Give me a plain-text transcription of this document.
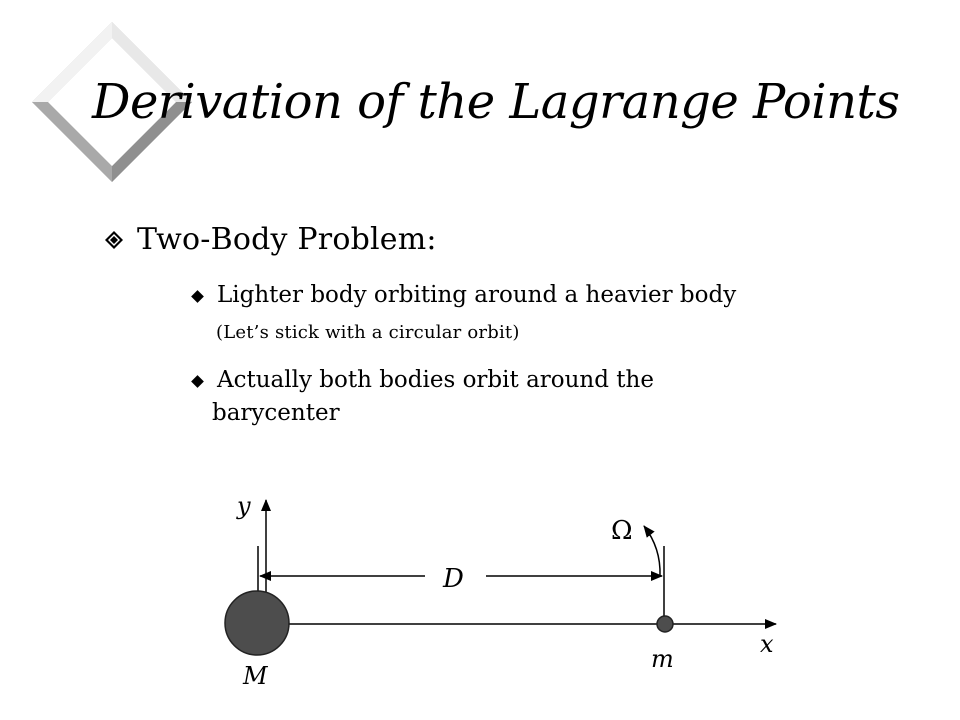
Derivation of the Lagrange Points
Two-Body Problem:
Lighter body orbiting around a heavier body
(Let’s stick with a circular orbit)
Actually both bodies orbit around the
barycenter
y
x
D
Ω
M
m
